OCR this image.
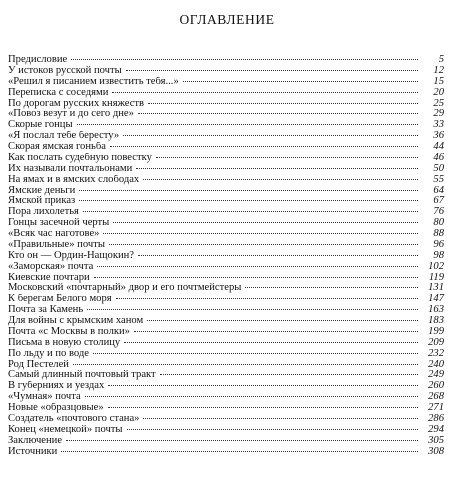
ОГЛАВЛЕНИЕ
Предисловие	5
У истоков русской почты	12
«Решил я писанием известить тебя...»	15
Переписка с соседями	20
По дорогам русских княжеств	25
«Повоз везут и до сего дне»	29
Скорые гонцы	33
«Я послал тебе бересту»	36
Скорая ямская гоньба	44
Как послать судебную повестку	46
Их называли почтальонами	50
На ямах и в ямских слободах	55
Ямские деньги	64
Ямской приказ	67
Пора лихолетья	76
Гонцы засечной черты	80
«Всяк час наготове»	88
«Правильные» почты	96
Кто он — Ордин-Нащокин?	98
«Заморская» почта	102
Киевские почтари	119
Московский «почтарный» двор и его почтмейстеры	131
К берегам Белого моря	147
Почта за Камень	163
Для войны с крымским ханом	183
Почта «с Москвы в полки»	199
Письма в новую столицу	209
По льду и по воде	232
Род Пестелей	240
Самый длинный почтовый тракт	249
В губерниях и уездах	260
«Чумная» почта	268
Новые «образцовые»	271
Создатель «почтового стана»	286
Конец «немецкой» почты	294
Заключение	305
Источники	308
